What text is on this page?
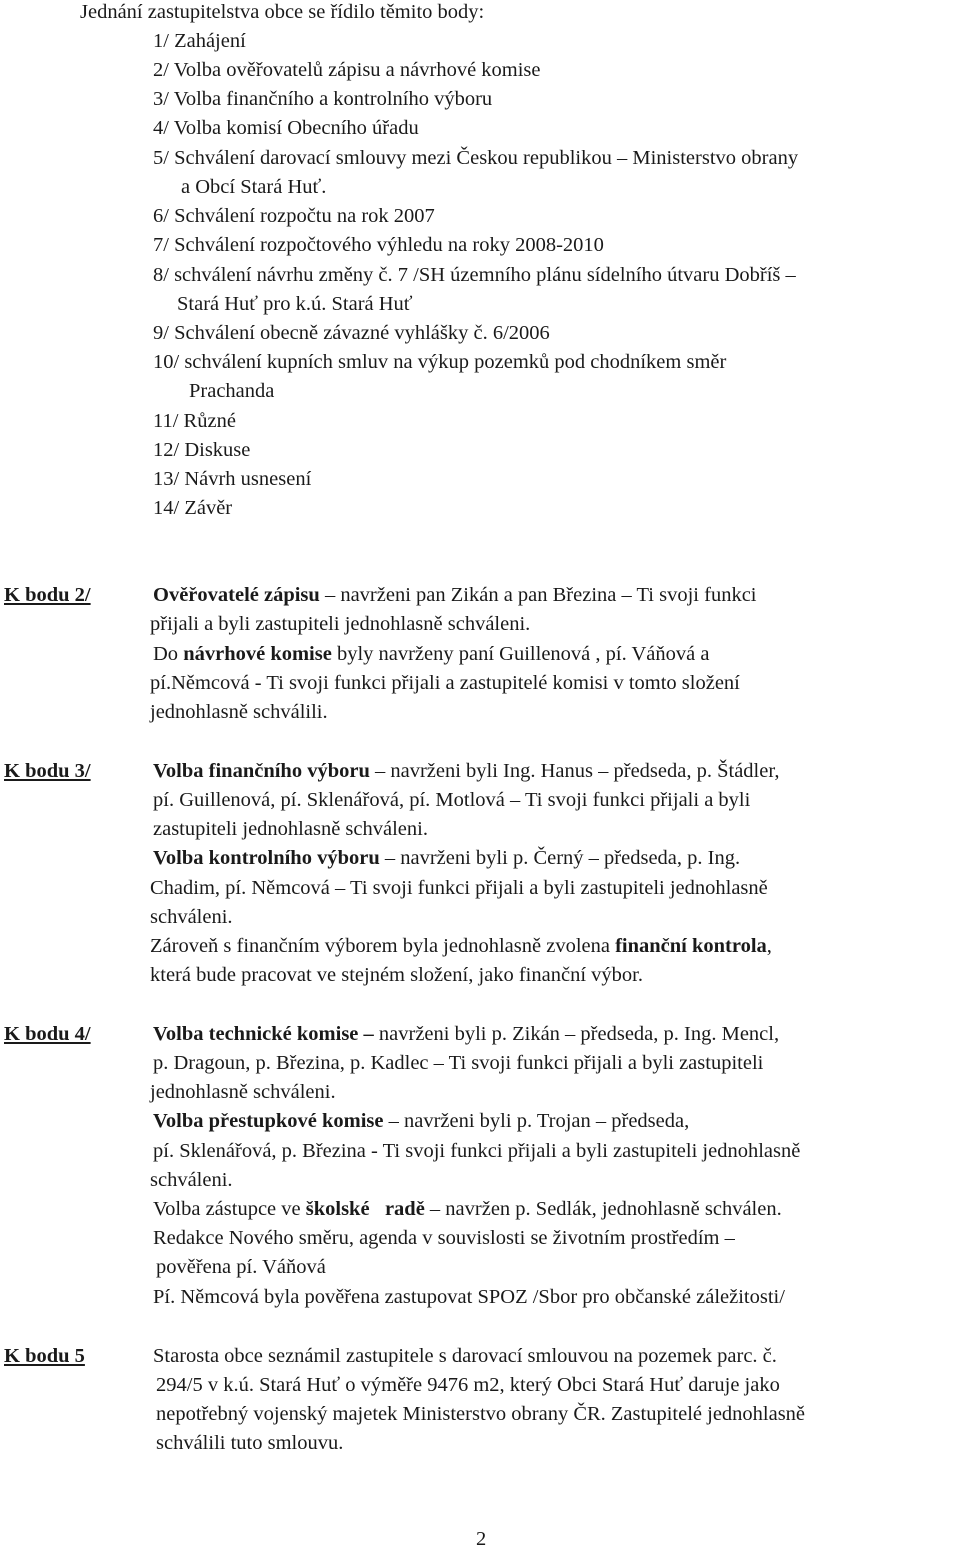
Jednání zastupitelstva obce se řídilo těmito body:
1/ Zahájení
2/ Volba ověřovatelů zápisu a návrhové komise
3/ Volba finančního a kontrolního výboru
4/ Volba komisí Obecního úřadu
5/ Schválení darovací smlouvy mezi Českou republikou – Ministerstvo obrany
a Obcí Stará Huť.
6/ Schválení rozpočtu na rok 2007
7/ Schválení rozpočtového výhledu na roky 2008-2010
8/ schválení návrhu změny č. 7 /SH územního plánu sídelního útvaru Dobříš –
Stará Huť pro k.ú. Stará Huť
9/ Schválení obecně závazné vyhlášky č. 6/2006
10/ schválení kupních smluv na výkup pozemků pod chodníkem směr
Prachanda
11/ Různé
12/ Diskuse
13/ Návrh usnesení
14/ Závěr
K bodu 2/	Ověřovatelé zápisu – navrženi pan Zikán a pan Březina – Ti svoji funkci
přijali a byli zastupiteli jednohlasně schváleni.
Do návrhové komise byly navrženy paní Guillenová , pí. Váňová a
pí.Němcová - Ti svoji funkci přijali a zastupitelé komisi v tomto složení
jednohlasně schválili.
K bodu 3/	Volba finančního výboru – navrženi byli Ing. Hanus – předseda, p. Štádler,
pí. Guillenová, pí. Sklenářová, pí. Motlová – Ti svoji funkci přijali a byli
zastupiteli jednohlasně schváleni.
Volba kontrolního výboru – navrženi byli p. Černý – předseda, p. Ing.
Chadim, pí. Němcová – Ti svoji funkci přijali a byli zastupiteli jednohlasně
schváleni.
Zároveň s finančním výborem byla jednohlasně zvolena finanční kontrola,
která bude pracovat ve stejném složení, jako finanční výbor.
K bodu 4/	Volba technické komise – navrženi byli p. Zikán – předseda, p. Ing. Mencl,
p. Dragoun, p. Březina, p. Kadlec – Ti svoji funkci přijali a byli zastupiteli
jednohlasně schváleni.
Volba přestupkové komise – navrženi byli p. Trojan – předseda,
pí. Sklenářová, p. Březina - Ti svoji funkci přijali a byli zastupiteli jednohlasně
schváleni.
Volba zástupce ve školské radě – navržen p. Sedlák, jednohlasně schválen.
Redakce Nového směru, agenda v souvislosti se životním prostředím –
pověřena pí. Váňová
Pí. Němcová byla pověřena zastupovat SPOZ /Sbor pro občanské záležitosti/
K bodu 5	Starosta obce seznámil zastupitele s darovací smlouvou na pozemek parc. č.
294/5 v k.ú. Stará Huť o výměře 9476 m2, který Obci Stará Huť daruje jako
nepotřebný vojenský majetek Ministerstvo obrany ČR. Zastupitelé jednohlasně
schválili tuto smlouvu.
2
